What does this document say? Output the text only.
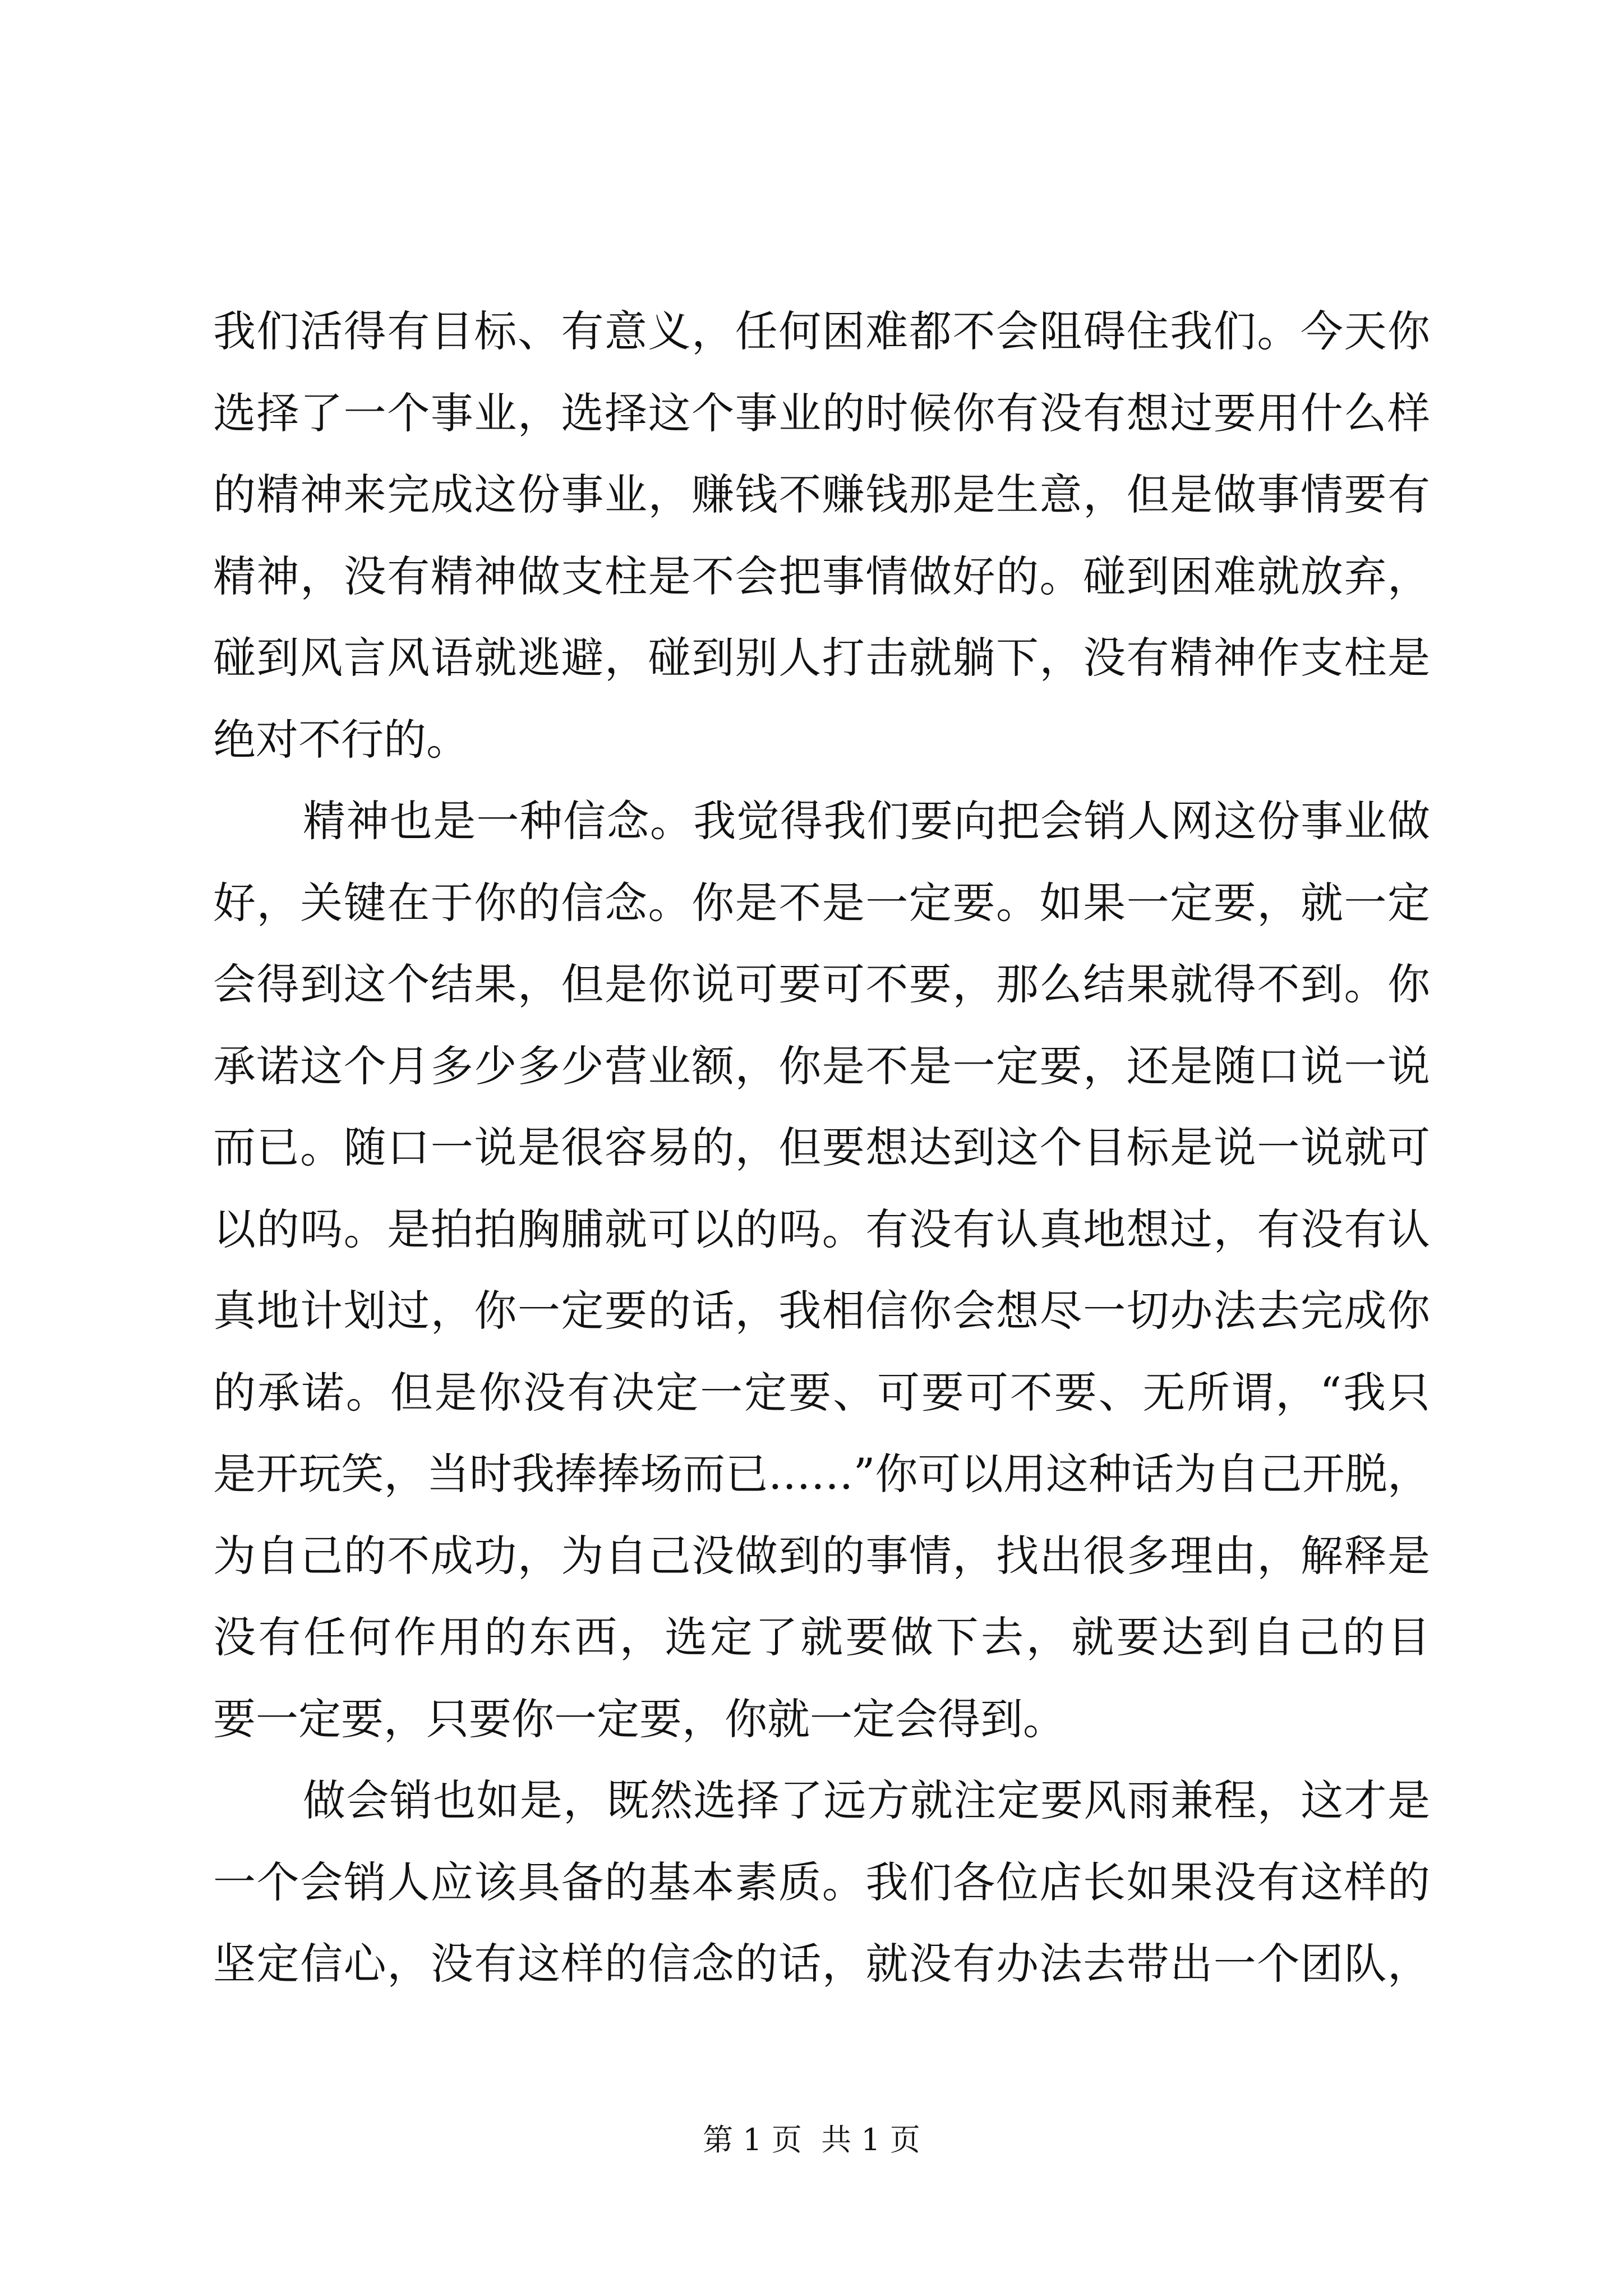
我们活得有目标、有意义，任何困难都不会阻碍住我们。今天你
选择了一个事业，选择这个事业的时候你有没有想过要用什么样
的精神来完成这份事业，赚钱不赚钱那是生意，但是做事情要有
精神，没有精神做支柱是不会把事情做好的。碰到困难就放弃，
碰到风言风语就逃避，碰到别人打击就躺下，没有精神作支柱是
绝对不行的。
精神也是一种信念。我觉得我们要向把会销人网这份事业做
好，关键在于你的信念。你是不是一定要。如果一定要，就一定
会得到这个结果，但是你说可要可不要，那么结果就得不到。你
承诺这个月多少多少营业额，你是不是一定要，还是随口说一说
而已。随口一说是很容易的，但要想达到这个目标是说一说就可
以的吗。是拍拍胸脯就可以的吗。有没有认真地想过，有没有认
真地计划过，你一定要的话，我相信你会想尽一切办法去完成你
的承诺。但是你没有决定一定要、可要可不要、无所谓，“我只
是开玩笑，当时我捧捧场而已……”你可以用这种话为自己开脱，
为自己的不成功，为自己没做到的事情，找出很多理由，解释是
没有任何作用的东西，选定了就要做下去，就要达到自己的目
要一定要，只要你一定要，你就一定会得到。
做会销也如是，既然选择了远方就注定要风雨兼程，这才是
一个会销人应该具备的基本素质。我们各位店长如果没有这样的
坚定信心，没有这样的信念的话，就没有办法去带出一个团队，
第 1 页  共 1 页
